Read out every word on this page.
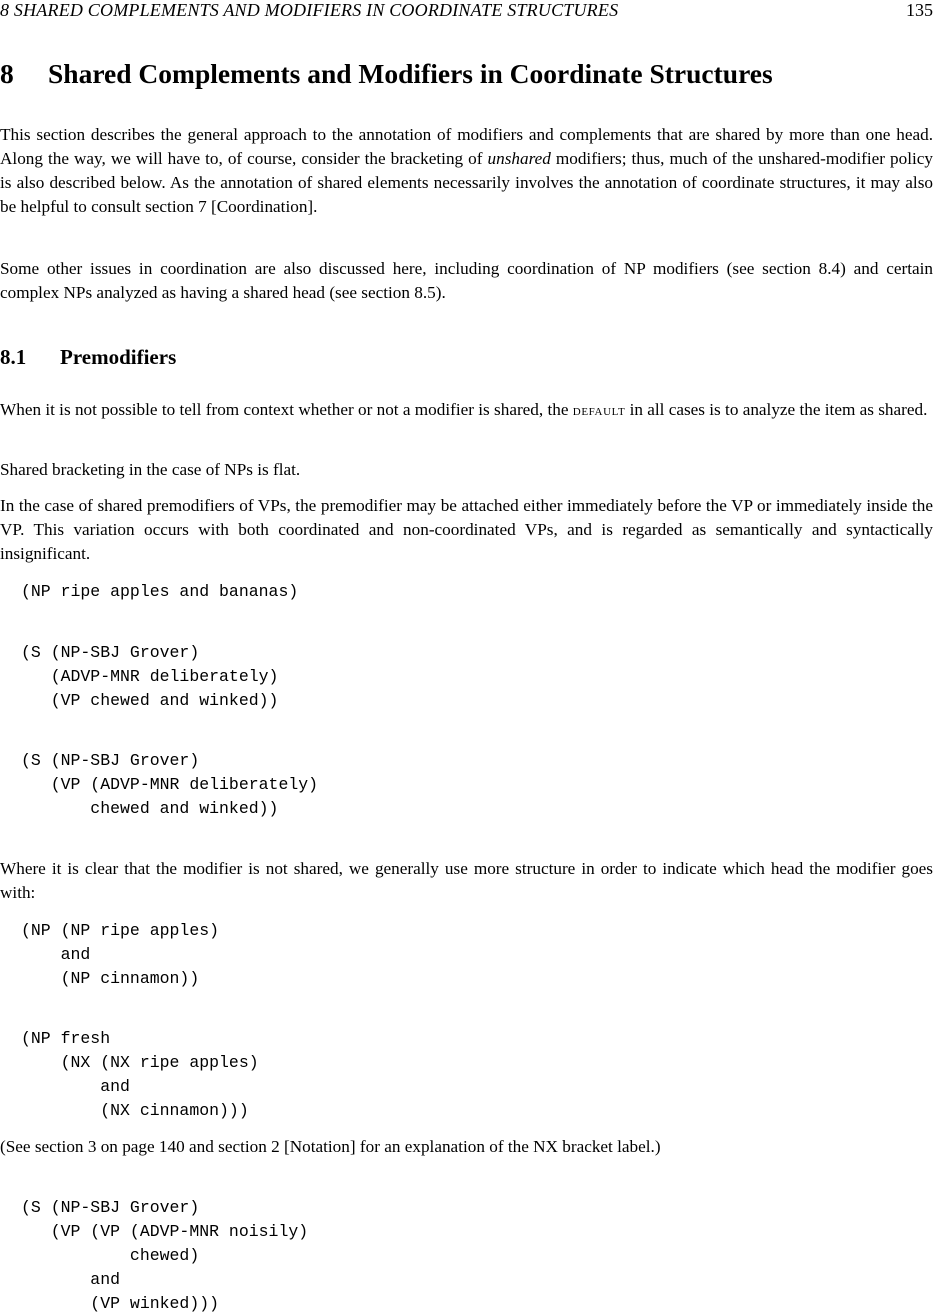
8 SHARED COMPLEMENTS AND MODIFIERS IN COORDINATE STRUCTURES	135
8 Shared Complements and Modifiers in Coordinate Structures

This section describes the general approach to the annotation of modifiers and complements that are shared by more than one head. Along the way, we will have to, of course, consider the bracketing of unshared modifiers; thus, much of the unshared-modifier policy is also described below. As the annotation of shared elements necessarily involves the annotation of coordinate structures, it may also be helpful to consult section 7 [Coordination].

Some other issues in coordination are also discussed here, including coordination of NP modifiers (see section 8.4) and certain complex NPs analyzed as having a shared head (see section 8.5).

8.1 Premodifiers

When it is not possible to tell from context whether or not a modifier is shared, the default in all cases is to analyze the item as shared.

Shared bracketing in the case of NPs is flat.

In the case of shared premodifiers of VPs, the premodifier may be attached either immediately before the VP or immediately inside the VP. This variation occurs with both coordinated and non-coordinated VPs, and is regarded as semantically and syntactically insignificant.

(NP ripe apples and bananas)
(S (NP-SBJ Grover)
(ADVP-MNR deliberately)
(VP chewed and winked))
(S (NP-SBJ Grover)
(VP (ADVP-MNR deliberately)
chewed and winked))

Where it is clear that the modifier is not shared, we generally use more structure in order to indicate which head the modifier goes with:

(NP (NP ripe apples)
and
(NP cinnamon))
(NP fresh
(NX (NX ripe apples)
and
(NX cinnamon)))

(See section 3 on page 140 and section 2 [Notation] for an explanation of the NX bracket label.)

(S (NP-SBJ Grover)
(VP (VP (ADVP-MNR noisily)
chewed)
and
(VP winked)))
